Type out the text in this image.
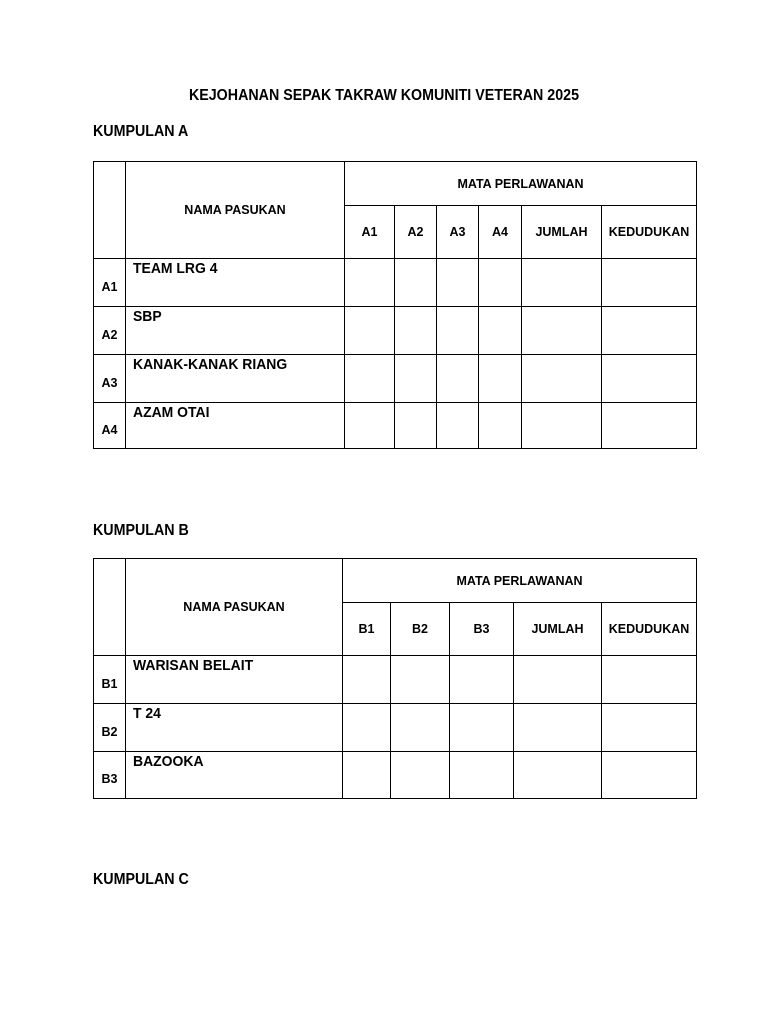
KEJOHANAN SEPAK TAKRAW KOMUNITI VETERAN 2025
KUMPULAN A
	NAMA PASUKAN	MATA PERLAWANAN					
		A1	A2	A3	A4	JUMLAH	KEDUDUKAN
A1	TEAM LRG 4						
A2	SBP						
A3	KANAK-KANAK RIANG						
A4	AZAM OTAI						
KUMPULAN B
	NAMA PASUKAN	MATA PERLAWANAN				
		B1	B2	B3	JUMLAH	KEDUDUKAN
B1	WARISAN BELAIT					
B2	T 24					
B3	BAZOOKA					
KUMPULAN C
